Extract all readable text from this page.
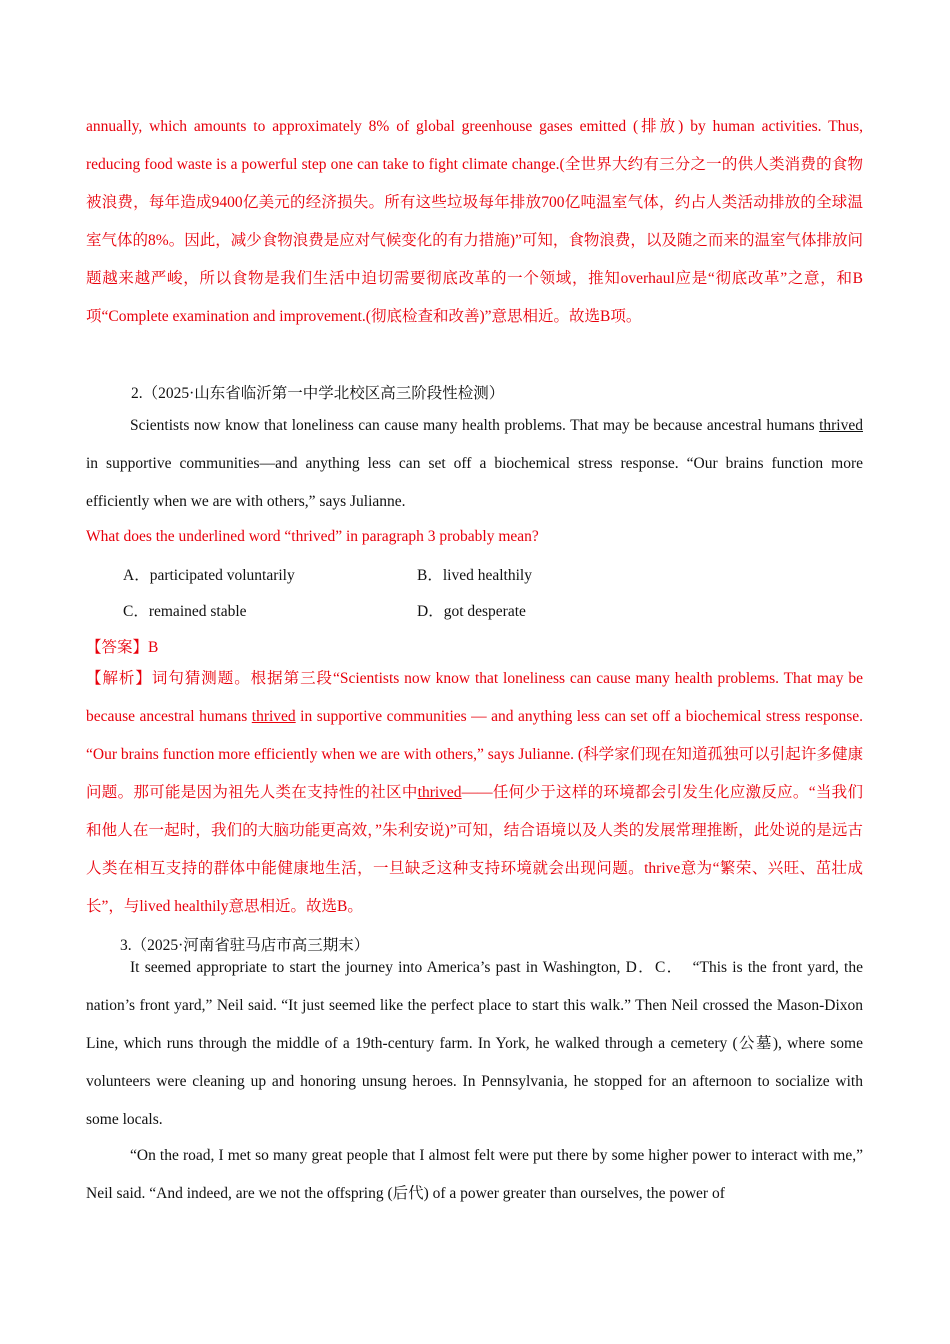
annually, which amounts to approximately 8% of global greenhouse gases emitted (排放) by human activities. Thus, reducing food waste is a powerful step one can take to fight climate change.(全世界大约有三分之一的供人类消费的食物被浪费，每年造成9400亿美元的经济损失。所有这些垃圾每年排放700亿吨温室气体，约占人类活动排放的全球温室气体的8%。因此，减少食物浪费是应对气候变化的有力措施)”可知，食物浪费，以及随之而来的温室气体排放问题越来越严峻，所以食物是我们生活中迫切需要彻底改革的一个领域，推知overhaul应是“彻底改革”之意，和B项“Complete examination and improvement.(彻底检查和改善)”意思相近。故选B项。

2.（2025·山东省临沂第一中学北校区高三阶段性检测）

Scientists now know that loneliness can cause many health problems. That may be because ancestral humans thrived in supportive communities—and anything less can set off a biochemical stress response. “Our brains function more efficiently when we are with others,” says Julianne.

What does the underlined word “thrived” in paragraph 3 probably mean?

A．participated voluntarily	B．lived healthily

C．remained stable	D．got desperate

【答案】B

【解析】词句猜测题。根据第三段“Scientists now know that loneliness can cause many health problems. That may be because ancestral humans thrived in supportive communities — and anything less can set off a biochemical stress response. “Our brains function more efficiently when we are with others,” says Julianne. (科学家们现在知道孤独可以引起许多健康问题。那可能是因为祖先人类在支持性的社区中thrived——任何少于这样的环境都会引发生化应激反应。“当我们和他人在一起时，我们的大脑功能更高效，”朱利安说)”可知，结合语境以及人类的发展常理推断，此处说的是远古人类在相互支持的群体中能健康地生活，一旦缺乏这种支持环境就会出现问题。thrive意为“繁荣、兴旺、茁壮成长”，与lived healthily意思相近。故选B。

3.（2025·河南省驻马店市高三期末）

It seemed appropriate to start the journey into America’s past in Washington, D．C．　“This is the front yard, the nation’s front yard,” Neil said. “It just seemed like the perfect place to start this walk.” Then Neil crossed the Mason-Dixon Line, which runs through the middle of a 19th-century farm. In York, he walked through a cemetery (公墓), where some volunteers were cleaning up and honoring unsung heroes. In Pennsylvania, he stopped for an afternoon to socialize with some locals.

“On the road, I met so many great people that I almost felt were put there by some higher power to interact with me,” Neil said. “And indeed, are we not the offspring (后代) of a power greater than ourselves, the power of
